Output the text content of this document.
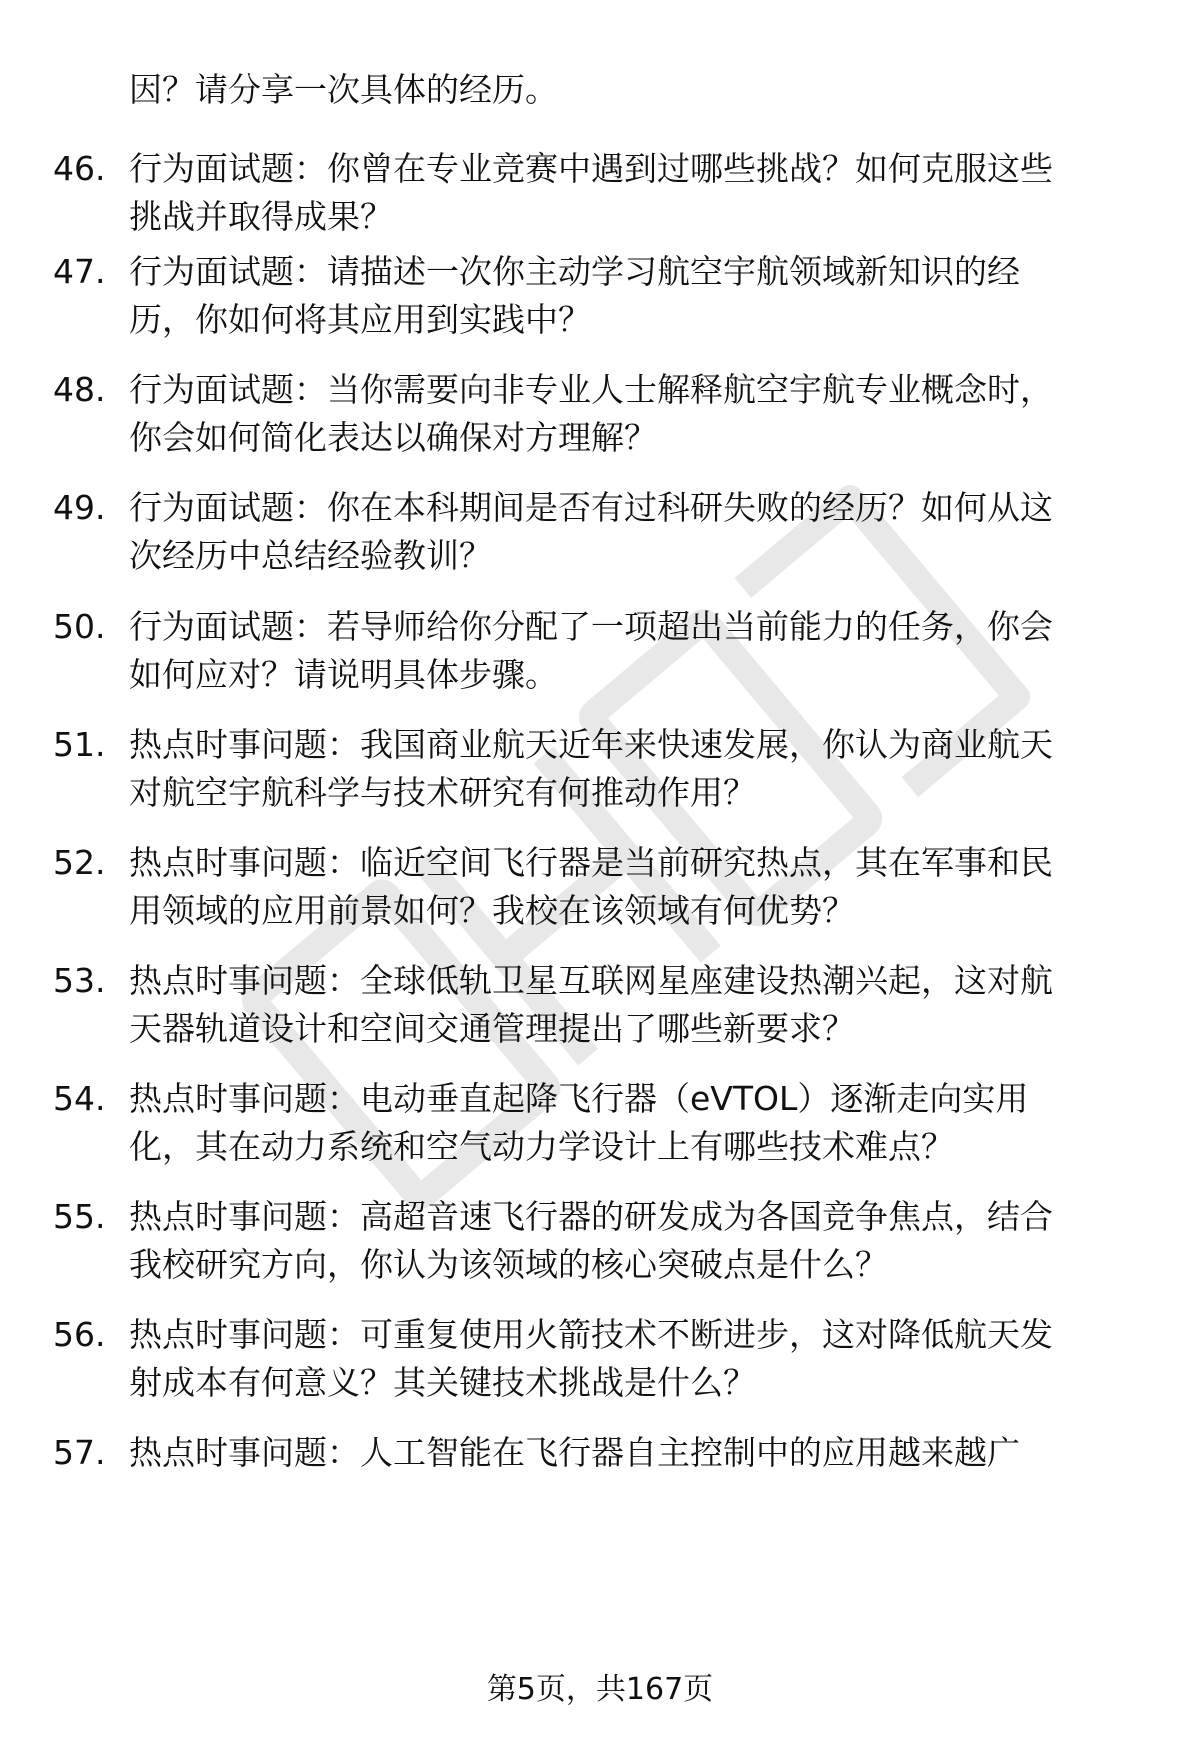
因？请分享一次具体的经历。
46. 行为面试题：你曾在专业竞赛中遇到过哪些挑战？如何克服这些
挑战并取得成果？
47. 行为面试题：请描述一次你主动学习航空宇航领域新知识的经
历，你如何将其应用到实践中？
48. 行为面试题：当你需要向非专业人士解释航空宇航专业概念时，
你会如何简化表达以确保对方理解？
49. 行为面试题：你在本科期间是否有过科研失败的经历？如何从这
次经历中总结经验教训？
50. 行为面试题：若导师给你分配了一项超出当前能力的任务，你会
如何应对？请说明具体步骤。
51. 热点时事问题：我国商业航天近年来快速发展，你认为商业航天
对航空宇航科学与技术研究有何推动作用？
52. 热点时事问题：临近空间飞行器是当前研究热点，其在军事和民
用领域的应用前景如何？我校在该领域有何优势？
53. 热点时事问题：全球低轨卫星互联网星座建设热潮兴起，这对航
天器轨道设计和空间交通管理提出了哪些新要求？
54. 热点时事问题：电动垂直起降飞行器（eVTOL）逐渐走向实用
化，其在动力系统和空气动力学设计上有哪些技术难点？
55. 热点时事问题：高超音速飞行器的研发成为各国竞争焦点，结合
我校研究方向，你认为该领域的核心突破点是什么？
56. 热点时事问题：可重复使用火箭技术不断进步，这对降低航天发
射成本有何意义？其关键技术挑战是什么？
57. 热点时事问题：人工智能在飞行器自主控制中的应用越来越广
第5页，共167页
